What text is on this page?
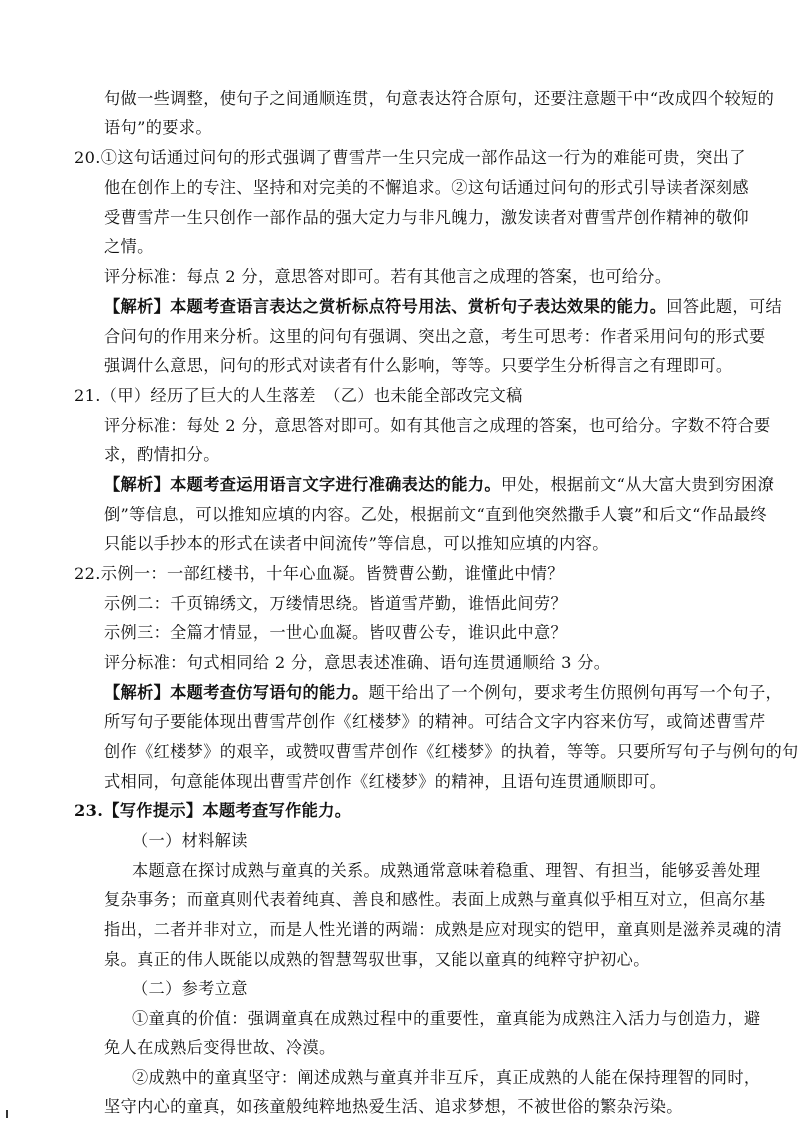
句做一些调整，使句子之间通顺连贯，句意表达符合原句，还要注意题干中“改成四个较短的
语句”的要求。
20.①这句话通过问句的形式强调了曹雪芹一生只完成一部作品这一行为的难能可贵，突出了
他在创作上的专注、坚持和对完美的不懈追求。②这句话通过问句的形式引导读者深刻感
受曹雪芹一生只创作一部作品的强大定力与非凡魄力，激发读者对曹雪芹创作精神的敬仰
之情。
评分标准：每点 2 分，意思答对即可。若有其他言之成理的答案，也可给分。
【解析】本题考查语言表达之赏析标点符号用法、赏析句子表达效果的能力。回答此题，可结
合问句的作用来分析。这里的问句有强调、突出之意，考生可思考：作者采用问句的形式要
强调什么意思，问句的形式对读者有什么影响，等等。只要学生分析得言之有理即可。
21.（甲）经历了巨大的人生落差　（乙）也未能全部改完文稿
评分标准：每处 2 分，意思答对即可。如有其他言之成理的答案，也可给分。字数不符合要
求，酌情扣分。
【解析】本题考查运用语言文字进行准确表达的能力。甲处，根据前文“从大富大贵到穷困潦
倒”等信息，可以推知应填的内容。乙处，根据前文“直到他突然撒手人寰”和后文“作品最终
只能以手抄本的形式在读者中间流传”等信息，可以推知应填的内容。
22.示例一：一部红楼书，十年心血凝。皆赞曹公勤，谁懂此中情？
示例二：千页锦绣文，万缕情思绕。皆道雪芹勤，谁悟此间劳？
示例三：全篇才情显，一世心血凝。皆叹曹公专，谁识此中意？
评分标准：句式相同给 2 分，意思表述准确、语句连贯通顺给 3 分。
【解析】本题考查仿写语句的能力。题干给出了一个例句，要求考生仿照例句再写一个句子，
所写句子要能体现出曹雪芹创作《红楼梦》的精神。可结合文字内容来仿写，或简述曹雪芹
创作《红楼梦》的艰辛，或赞叹曹雪芹创作《红楼梦》的执着，等等。只要所写句子与例句的句
式相同，句意能体现出曹雪芹创作《红楼梦》的精神，且语句连贯通顺即可。
23.【写作提示】本题考查写作能力。
（一）材料解读
本题意在探讨成熟与童真的关系。成熟通常意味着稳重、理智、有担当，能够妥善处理
复杂事务；而童真则代表着纯真、善良和感性。表面上成熟与童真似乎相互对立，但高尔基
指出，二者并非对立，而是人性光谱的两端：成熟是应对现实的铠甲，童真则是滋养灵魂的清
泉。真正的伟人既能以成熟的智慧驾驭世事，又能以童真的纯粹守护初心。
（二）参考立意
①童真的价值：强调童真在成熟过程中的重要性，童真能为成熟注入活力与创造力，避
免人在成熟后变得世故、冷漠。
②成熟中的童真坚守：阐述成熟与童真并非互斥，真正成熟的人能在保持理智的同时，
坚守内心的童真，如孩童般纯粹地热爱生活、追求梦想，不被世俗的繁杂污染。
